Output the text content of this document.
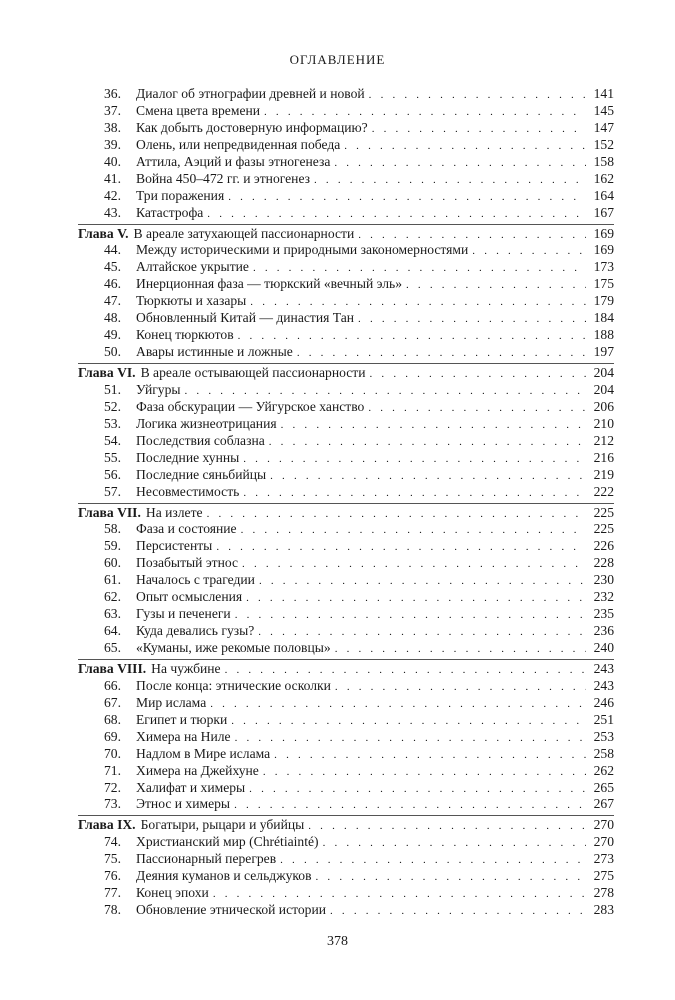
ОГЛАВЛЕНИЕ
36.	Диалог об этнографии древней и новой . . .	141
37.	Смена цвета времени . . .	145
38.	Как добыть достоверную информацию? . . .	147
39.	Олень, или непредвиденная победа . . .	152
40.	Аттила, Аэций и фазы этногенеза . . .	158
41.	Война 450–472 гг. и этногенез . . .	162
42.	Три поражения . . .	164
43.	Катастрофа . . .	167
Глава V. В ареале затухающей пассионарности . . .	169
44.	Между историческими и природными закономерностями . . .	169
45.	Алтайское укрытие . . .	173
46.	Инерционная фаза — тюркский «вечный эль» . . .	175
47.	Тюркюты и хазары . . .	179
48.	Обновленный Китай — династия Тан . . .	184
49.	Конец тюркютов . . .	188
50.	Авары истинные и ложные . . .	197
Глава VI. В ареале остывающей пассионарности . . .	204
51.	Уйгуры . . .	204
52.	Фаза обскурации — Уйгурское ханство . . .	206
53.	Логика жизнеотрицания . . .	210
54.	Последствия соблазна . . .	212
55.	Последние хунны . . .	216
56.	Последние сяньбийцы . . .	219
57.	Несовместимость . . .	222
Глава VII. На излете . . .	225
58.	Фаза и состояние . . .	225
59.	Персистенты . . .	226
60.	Позабытый этнос . . .	228
61.	Началось с трагедии . . .	230
62.	Опыт осмысления . . .	232
63.	Гузы и печенеги . . .	235
64.	Куда девались гузы? . . .	236
65.	«Куманы, иже рекомые половцы» . . .	240
Глава VIII. На чужбине . . .	243
66.	После конца: этнические осколки . . .	243
67.	Мир ислама . . .	246
68.	Египет и тюрки . . .	251
69.	Химера на Ниле . . .	253
70.	Надлом в Мире ислама . . .	258
71.	Химера на Джейхуне . . .	262
72.	Халифат и химеры . . .	265
73.	Этнос и химеры . . .	267
Глава IX. Богатыри, рыцари и убийцы . . .	270
74.	Христианский мир (Chrétiainté) . . .	270
75.	Пассионарный перегрев . . .	273
76.	Деяния куманов и сельджуков . . .	275
77.	Конец эпохи . . .	278
78.	Обновление этнической истории . . .	283
378
